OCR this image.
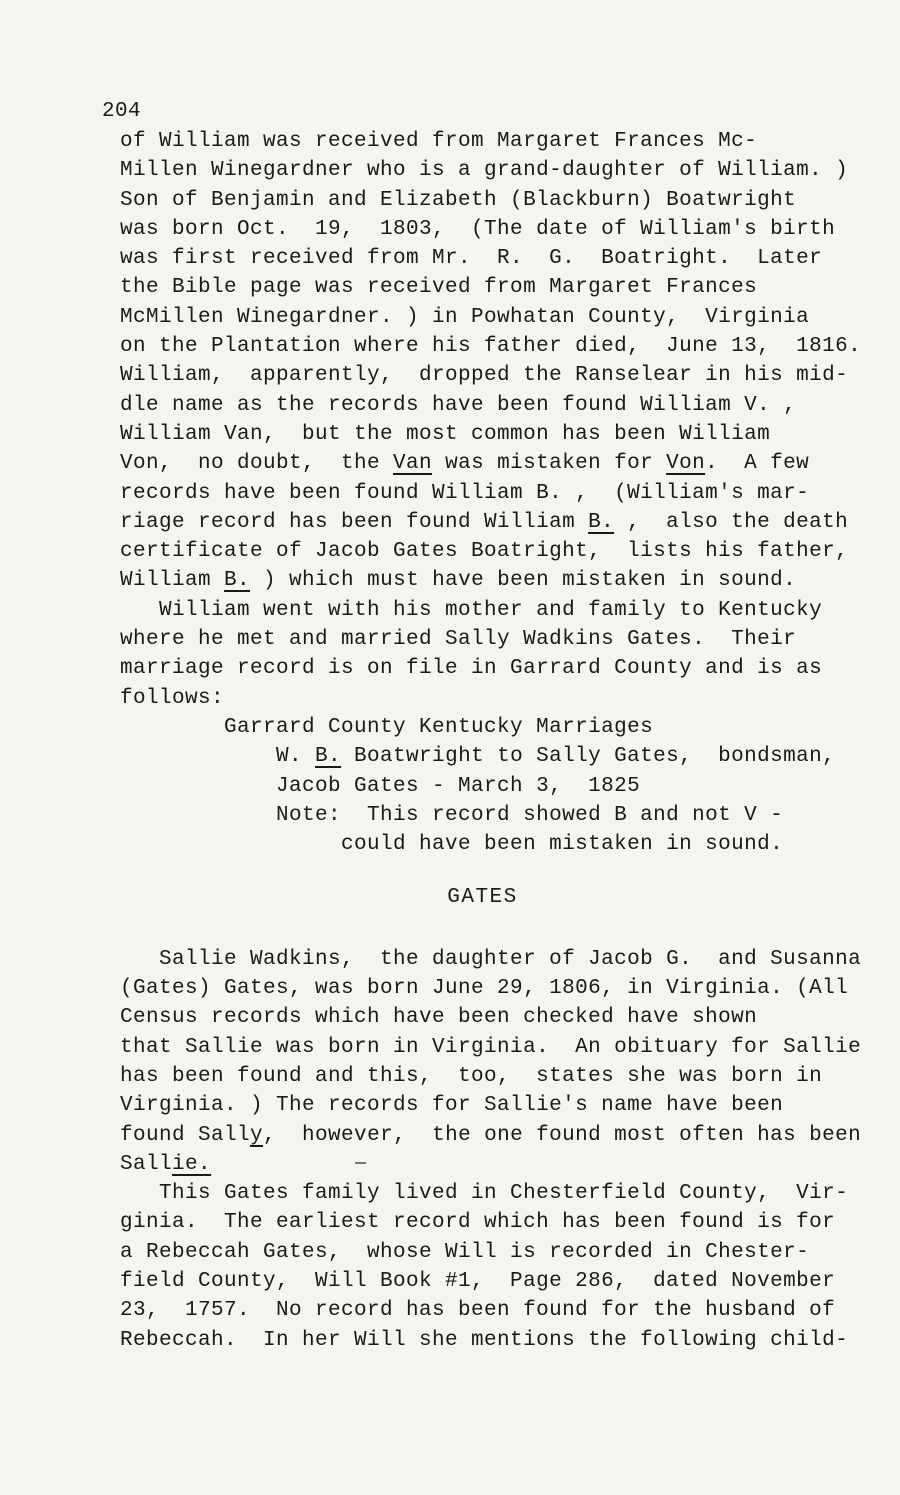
204
of William was received from Margaret Frances Mc-
Millen Winegardner who is a grand-daughter of William. )
Son of Benjamin and Elizabeth (Blackburn) Boatwright
was born Oct.  19,  1803,  (The date of William's birth
was first received from Mr.  R.  G.  Boatright.  Later
the Bible page was received from Margaret Frances
McMillen Winegardner. ) in Powhatan County,  Virginia
on the Plantation where his father died,  June 13,  1816.
William,  apparently,  dropped the Ranselear in his mid-
dle name as the records have been found William V. ,
William Van,  but the most common has been William
Von,  no doubt,  the Van was mistaken for Von.  A few
records have been found William B. ,  (William's mar-
riage record has been found William B. ,  also the death
certificate of Jacob Gates Boatright,  lists his father,
William B. ) which must have been mistaken in sound.
William went with his mother and family to Kentucky
where he met and married Sally Wadkins Gates.  Their
marriage record is on file in Garrard County and is as
follows:
Garrard County Kentucky Marriages
W. B. Boatwright to Sally Gates,  bondsman,
Jacob Gates - March 3,  1825
Note:  This record showed B and not V -
could have been mistaken in sound.
GATES
Sallie Wadkins,  the daughter of Jacob G.  and Susanna
(Gates) Gates, was born June 29, 1806, in Virginia. (All
Census records which have been checked have shown
that Sallie was born in Virginia.  An obituary for Sallie
has been found and this,  too,  states she was born in
Virginia. ) The records for Sallie's name have been
found Sally,  however,  the one found most often has been
Sallie.
This Gates family lived in Chesterfield County,  Vir-
ginia.  The earliest record which has been found is for
a Rebeccah Gates,  whose Will is recorded in Chester-
field County,  Will Book #1,  Page 286,  dated November
23,  1757.  No record has been found for the husband of
Rebeccah.  In her Will she mentions the following child-
